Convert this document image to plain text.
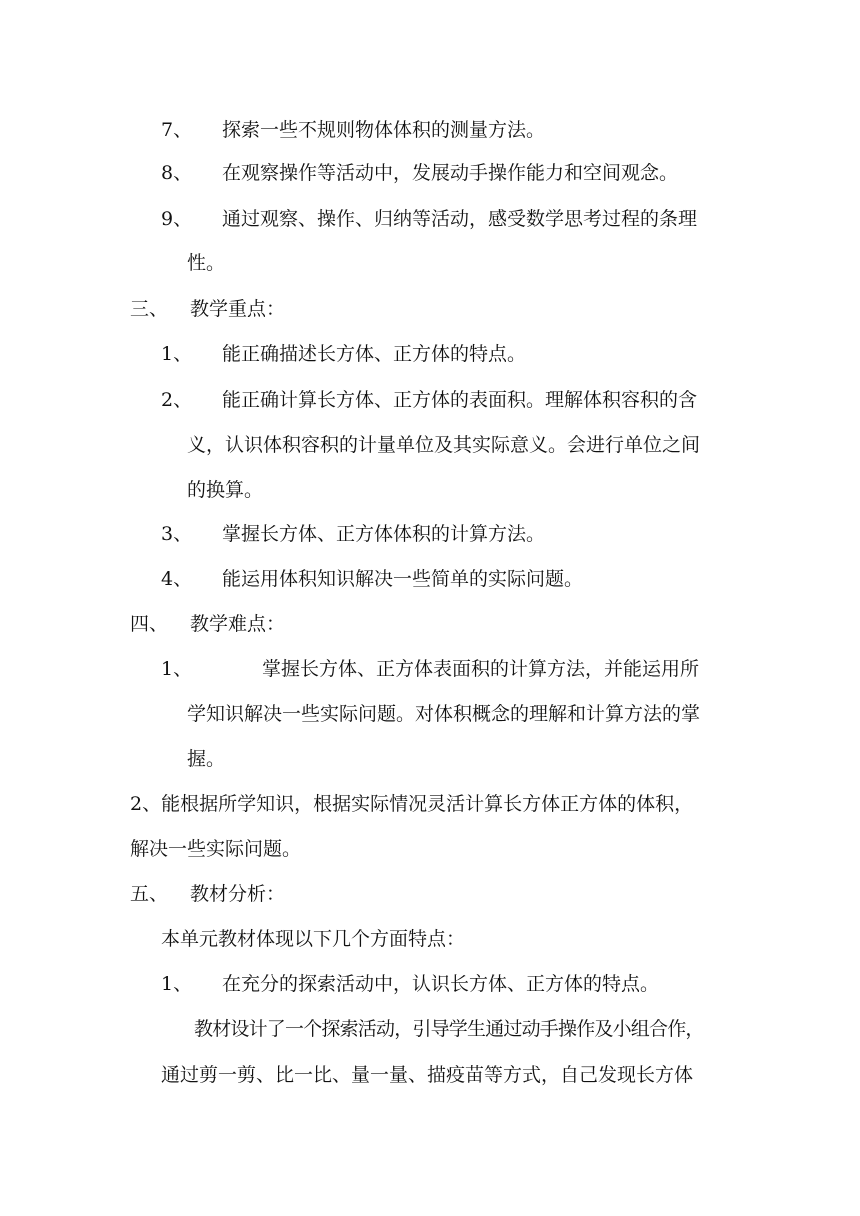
7、 探索一些不规则物体体积的测量方法。
8、 在观察操作等活动中，发展动手操作能力和空间观念。
9、 通过观察、操作、归纳等活动，感受数学思考过程的条理
性。
三、 教学重点：
1、 能正确描述长方体、正方体的特点。
2、 能正确计算长方体、正方体的表面积。理解体积容积的含
义，认识体积容积的计量单位及其实际意义。会进行单位之间
的换算。
3、 掌握长方体、正方体体积的计算方法。
4、 能运用体积知识解决一些简单的实际问题。
四、 教学难点：
1、	掌握长方体、正方体表面积的计算方法，并能运用所
学知识解决一些实际问题。对体积概念的理解和计算方法的掌
握。
2、能根据所学知识，根据实际情况灵活计算长方体正方体的体积，
解决一些实际问题。
五、 教材分析：
本单元教材体现以下几个方面特点：
1、 在充分的探索活动中，认识长方体、正方体的特点。
教材设计了一个探索活动，引导学生通过动手操作及小组合作，
通过剪一剪、比一比、量一量、描疫苗等方式，自己发现长方体
